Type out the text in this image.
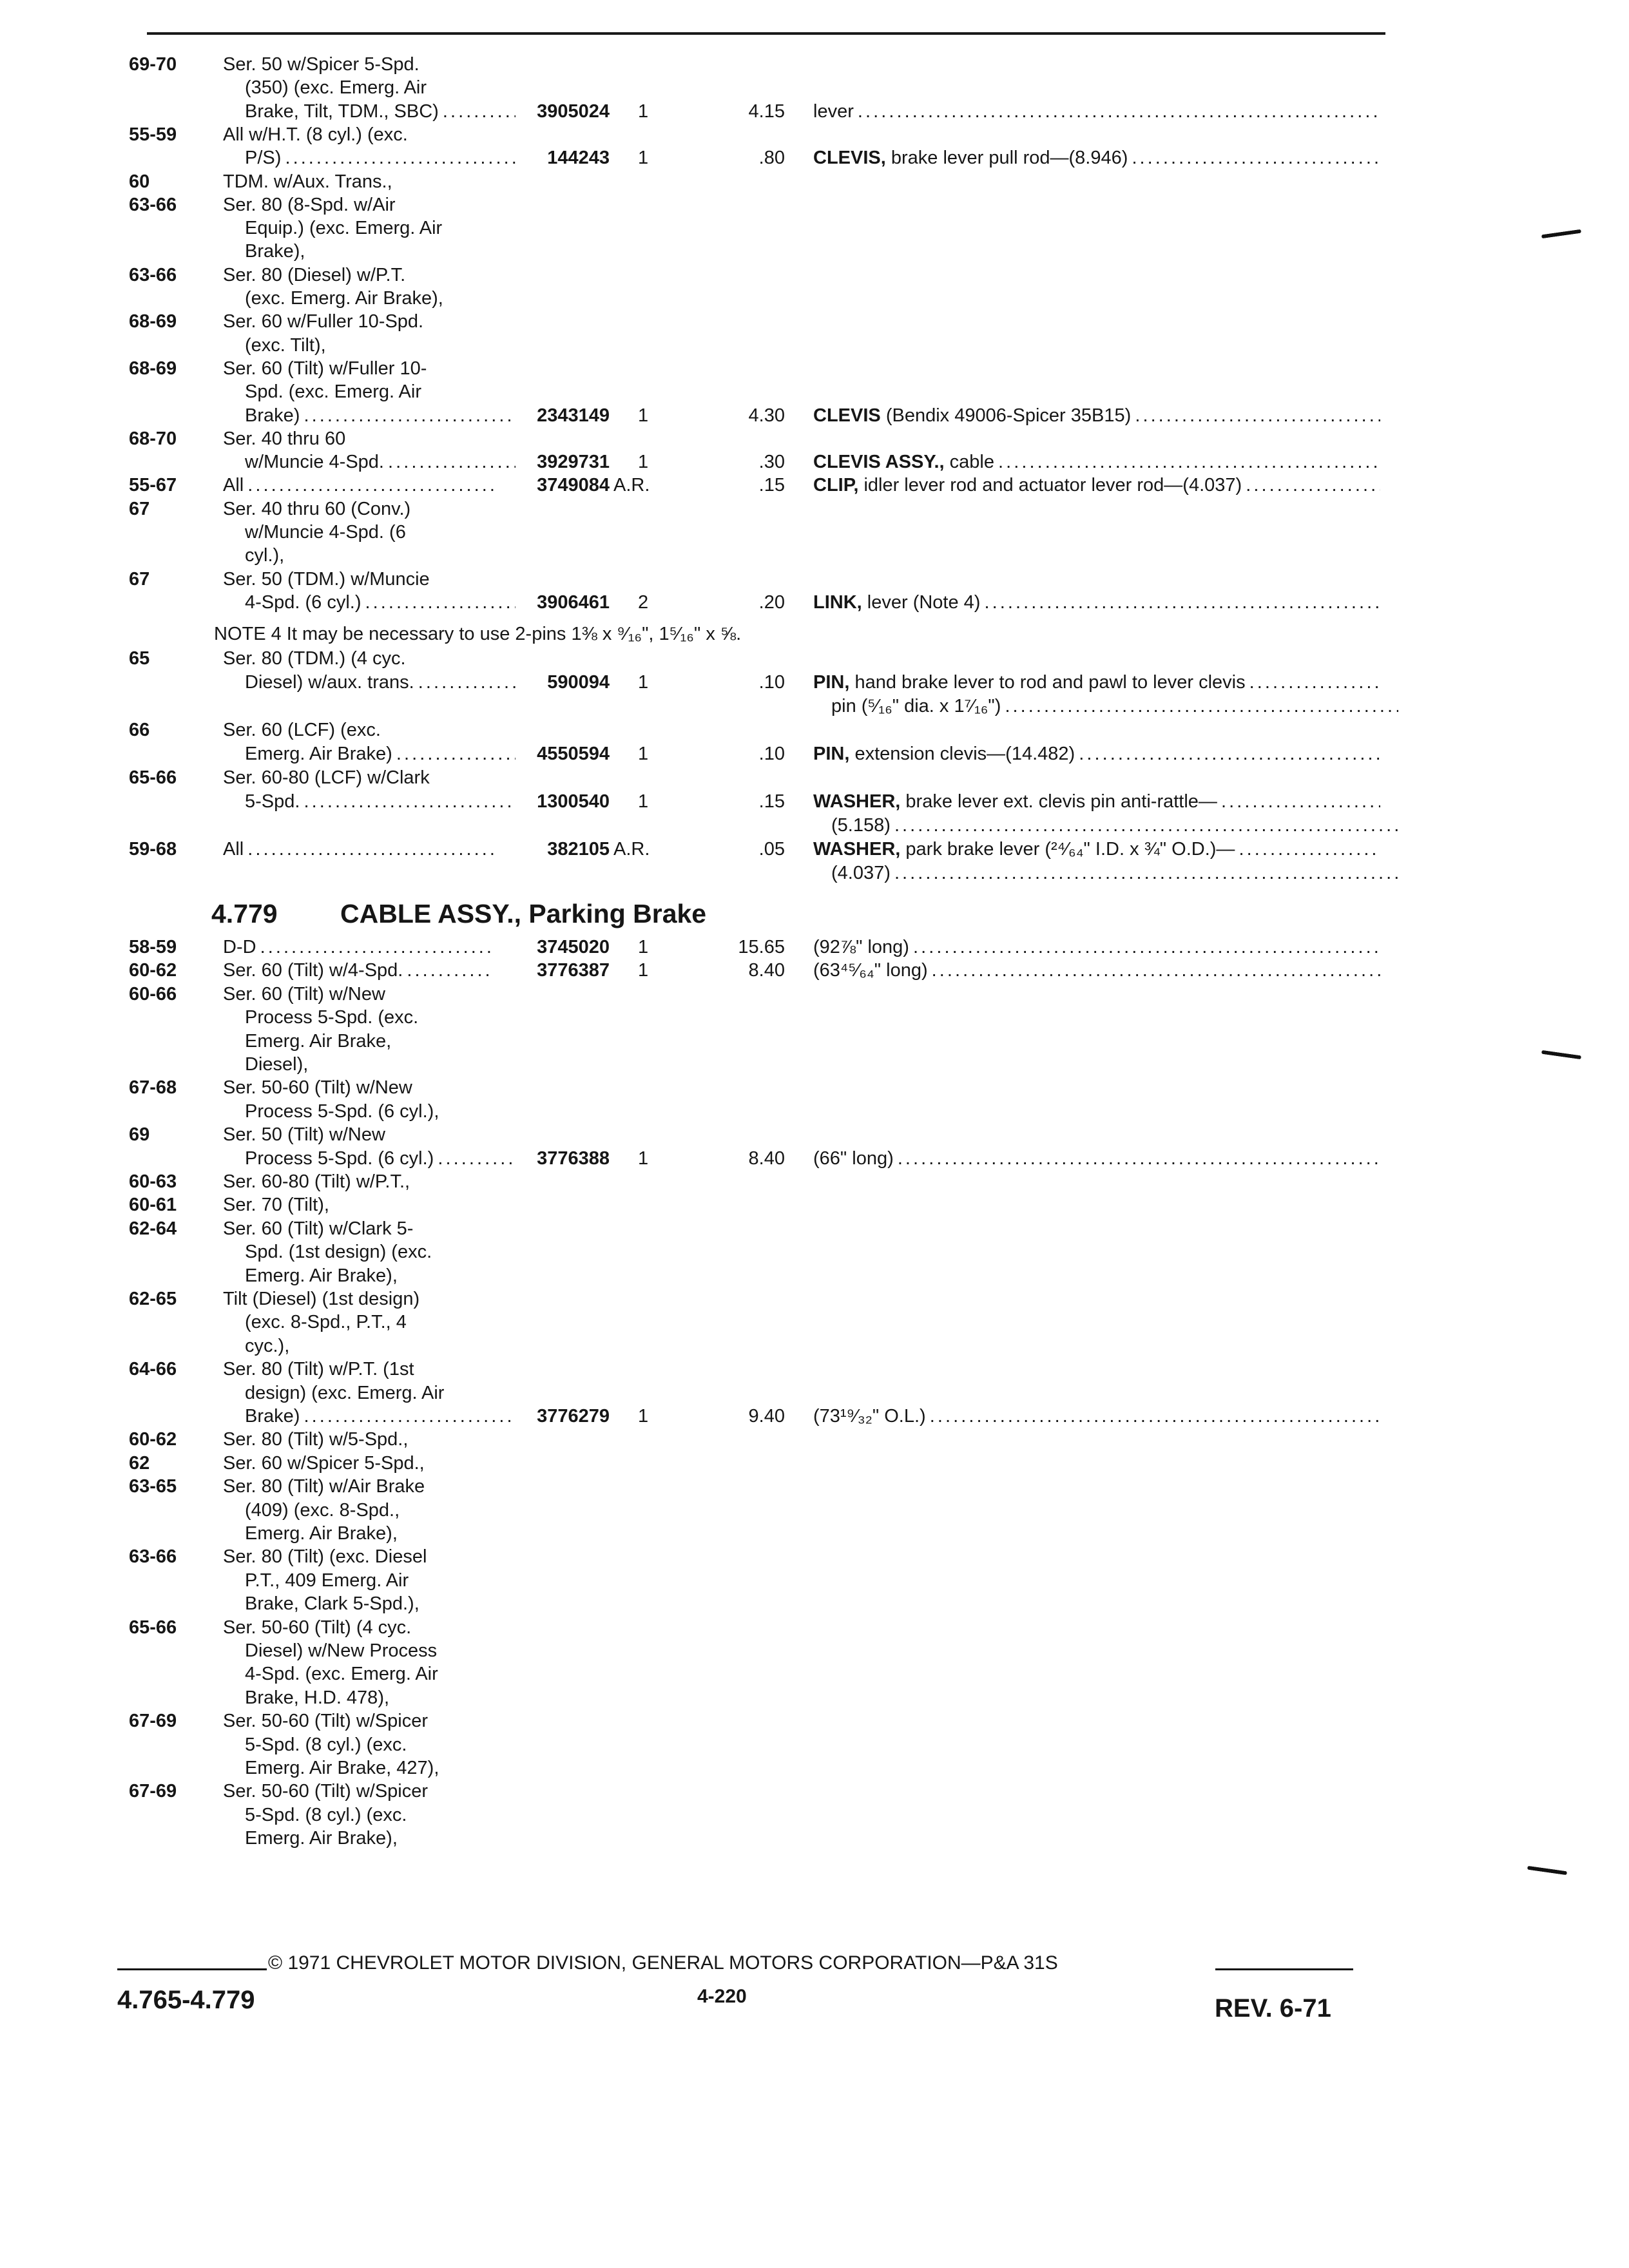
69-70	Ser. 50 w/Spicer 5-Spd.
(350) (exc. Emerg. Air
Brake, Tilt, TDM., SBC) . . .	3905024 1	4.15 lever . . .
55-59	All w/H.T. (8 cyl.) (exc.
P/S) . . .	144243 1	.80 CLEVIS, brake lever pull rod—(8.946) . . .
60	TDM. w/Aux. Trans.,
63-66	Ser. 80 (8-Spd. w/Air
Equip.) (exc. Emerg. Air
Brake),
63-66	Ser. 80 (Diesel) w/P.T.
(exc. Emerg. Air Brake),
68-69	Ser. 60 w/Fuller 10-Spd.
(exc. Tilt),
68-69	Ser. 60 (Tilt) w/Fuller 10-
Spd. (exc. Emerg. Air
Brake) . . .	2343149 1	4.30 CLEVIS (Bendix 49006-Spicer 35B15) . . .
68-70	Ser. 40 thru 60
w/Muncie 4-Spd. . . .	3929731 1	.30 CLEVIS ASSY., cable . . .
55-67	All . . .	3749084 A.R.	.15 CLIP, idler lever rod and actuator lever rod—(4.037) . . .
67	Ser. 40 thru 60 (Conv.)
w/Muncie 4-Spd. (6
cyl.),
67	Ser. 50 (TDM.) w/Muncie
4-Spd. (6 cyl.) . . .	3906461 2	.20 LINK, lever (Note 4) . . .
NOTE 4 It may be necessary to use 2-pins 1⅜ x ⁹⁄₁₆", 1⁵⁄₁₆" x ⅝.
65	Ser. 80 (TDM.) (4 cyc.
Diesel) w/aux. trans. . . .	590094 1	.10 PIN, hand brake lever to rod and pawl to lever clevis . . .
pin (⁵⁄₁₆" dia. x 1⁷⁄₁₆") . . .
66	Ser. 60 (LCF) (exc.
Emerg. Air Brake) . . .	4550594 1	.10 PIN, extension clevis—(14.482) . . .
65-66	Ser. 60-80 (LCF) w/Clark
5-Spd. . . .	1300540 1	.15 WASHER, brake lever ext. clevis pin anti-rattle— . . .
(5.158) . . .
59-68	All . . .	382105 A.R.	.05 WASHER, park brake lever (²⁴⁄₆₄" I.D. x ¾" O.D.)— . . .
(4.037) . . .
4.779 CABLE ASSY., Parking Brake
58-59	D-D . . .	3745020 1	15.65 (92⅞" long) . . .
60-62	Ser. 60 (Tilt) w/4-Spd. . . .	3776387 1	8.40 (63⁴⁵⁄₆₄" long) . . .
60-66	Ser. 60 (Tilt) w/New
Process 5-Spd. (exc.
Emerg. Air Brake,
Diesel),
67-68	Ser. 50-60 (Tilt) w/New
Process 5-Spd. (6 cyl.),
69	Ser. 50 (Tilt) w/New
Process 5-Spd. (6 cyl.) . . .	3776388 1	8.40 (66" long) . . .
60-63	Ser. 60-80 (Tilt) w/P.T.,
60-61	Ser. 70 (Tilt),
62-64	Ser. 60 (Tilt) w/Clark 5-
Spd. (1st design) (exc.
Emerg. Air Brake),
62-65	Tilt (Diesel) (1st design)
(exc. 8-Spd., P.T., 4
cyc.),
64-66	Ser. 80 (Tilt) w/P.T. (1st
design) (exc. Emerg. Air
Brake) . . .	3776279 1	9.40 (73¹⁹⁄₃₂" O.L.) . . .
60-62	Ser. 80 (Tilt) w/5-Spd.,
62	Ser. 60 w/Spicer 5-Spd.,
63-65	Ser. 80 (Tilt) w/Air Brake
(409) (exc. 8-Spd.,
Emerg. Air Brake),
63-66	Ser. 80 (Tilt) (exc. Diesel
P.T., 409 Emerg. Air
Brake, Clark 5-Spd.),
65-66	Ser. 50-60 (Tilt) (4 cyc.
Diesel) w/New Process
4-Spd. (exc. Emerg. Air
Brake, H.D. 478),
67-69	Ser. 50-60 (Tilt) w/Spicer
5-Spd. (8 cyl.) (exc.
Emerg. Air Brake, 427),
67-69	Ser. 50-60 (Tilt) w/Spicer
5-Spd. (8 cyl.) (exc.
Emerg. Air Brake),
© 1971 CHEVROLET MOTOR DIVISION, GENERAL MOTORS CORPORATION—P&A 31S
4.765-4.779	4-220	REV. 6-71
